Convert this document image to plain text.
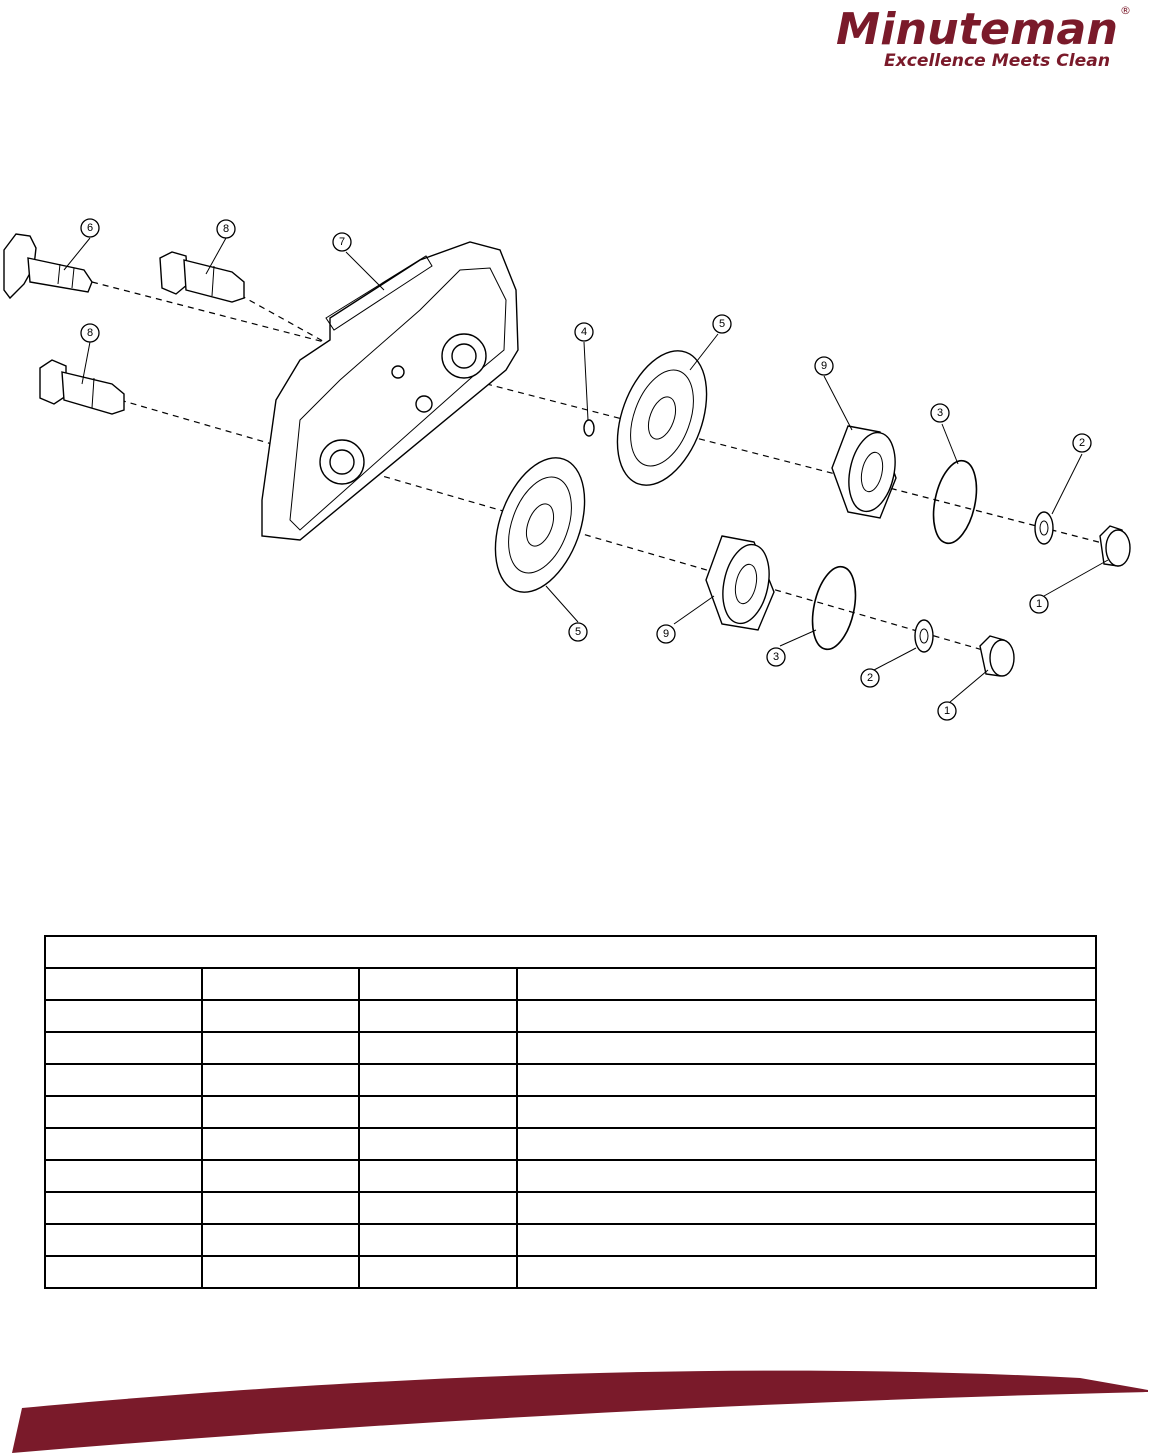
Minuteman ®
Excellence Meets Clean
6	8
7
8	4
5
9
3
2
5	9
3
2
1
1
